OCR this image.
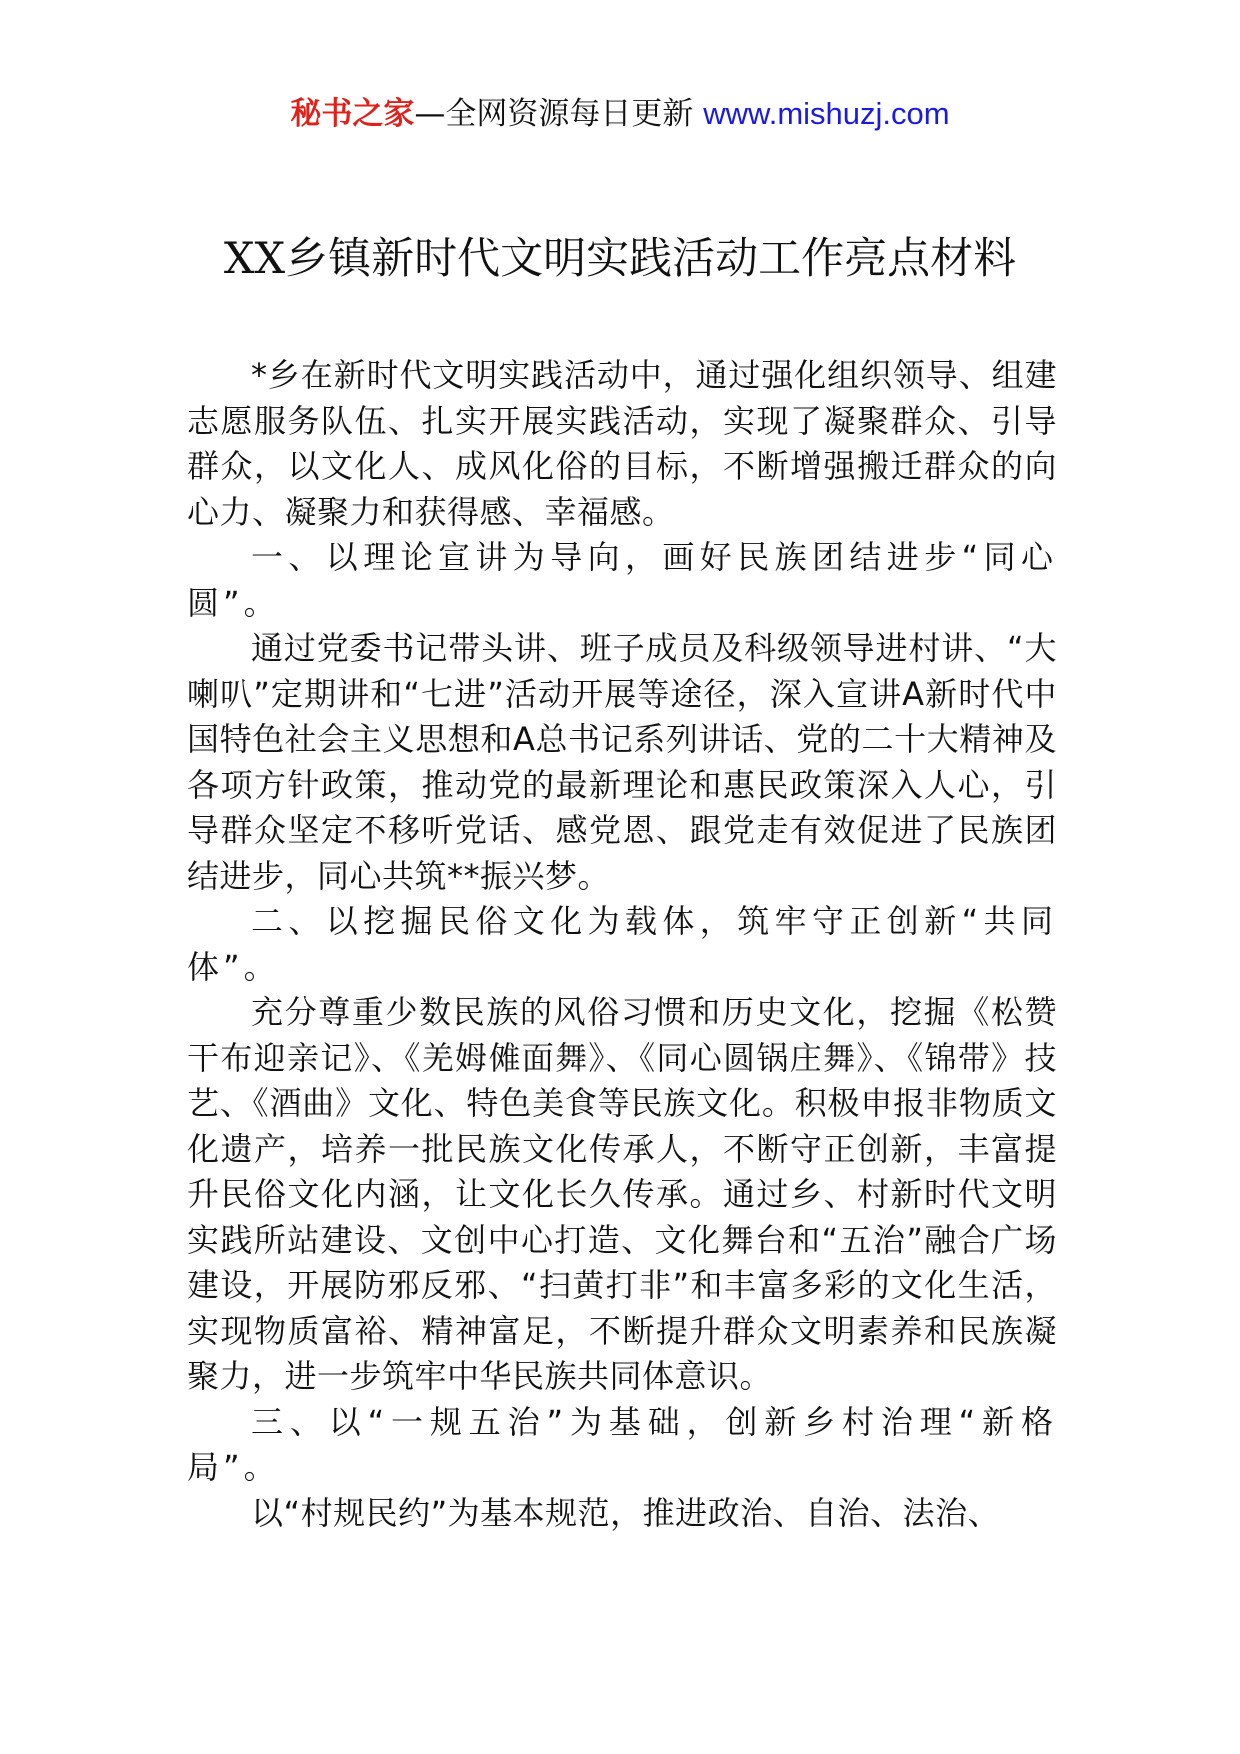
秘书之家—全网资源每日更新 www.mishuzj.com
XX乡镇新时代文明实践活动工作亮点材料

*乡在新时代文明实践活动中，通过强化组织领导、组建志愿服务队伍、扎实开展实践活动，实现了凝聚群众、引导群众，以文化人、成风化俗的目标，不断增强搬迁群众的向心力、凝聚力和获得感、幸福感。

一、以理论宣讲为导向，画好民族团结进步“同心圆”。

通过党委书记带头讲、班子成员及科级领导进村讲、“大喇叭”定期讲和“七进”活动开展等途径，深入宣讲A新时代中国特色社会主义思想和A总书记系列讲话、党的二十大精神及各项方针政策，推动党的最新理论和惠民政策深入人心，引导群众坚定不移听党话、感党恩、跟党走有效促进了民族团结进步，同心共筑**振兴梦。

二、以挖掘民俗文化为载体，筑牢守正创新“共同体”。

充分尊重少数民族的风俗习惯和历史文化，挖掘《松赞干布迎亲记》、《羌姆傩面舞》、《同心圆锅庄舞》、《锦带》技艺、《酒曲》文化、特色美食等民族文化。积极申报非物质文化遗产，培养一批民族文化传承人，不断守正创新，丰富提升民俗文化内涵，让文化长久传承。通过乡、村新时代文明实践所站建设、文创中心打造、文化舞台和“五治”融合广场建设，开展防邪反邪、“扫黄打非”和丰富多彩的文化生活，实现物质富裕、精神富足，不断提升群众文明素养和民族凝聚力，进一步筑牢中华民族共同体意识。

三、以“一规五治”为基础，创新乡村治理“新格局”。

以“村规民约”为基本规范，推进政治、自治、法治、
